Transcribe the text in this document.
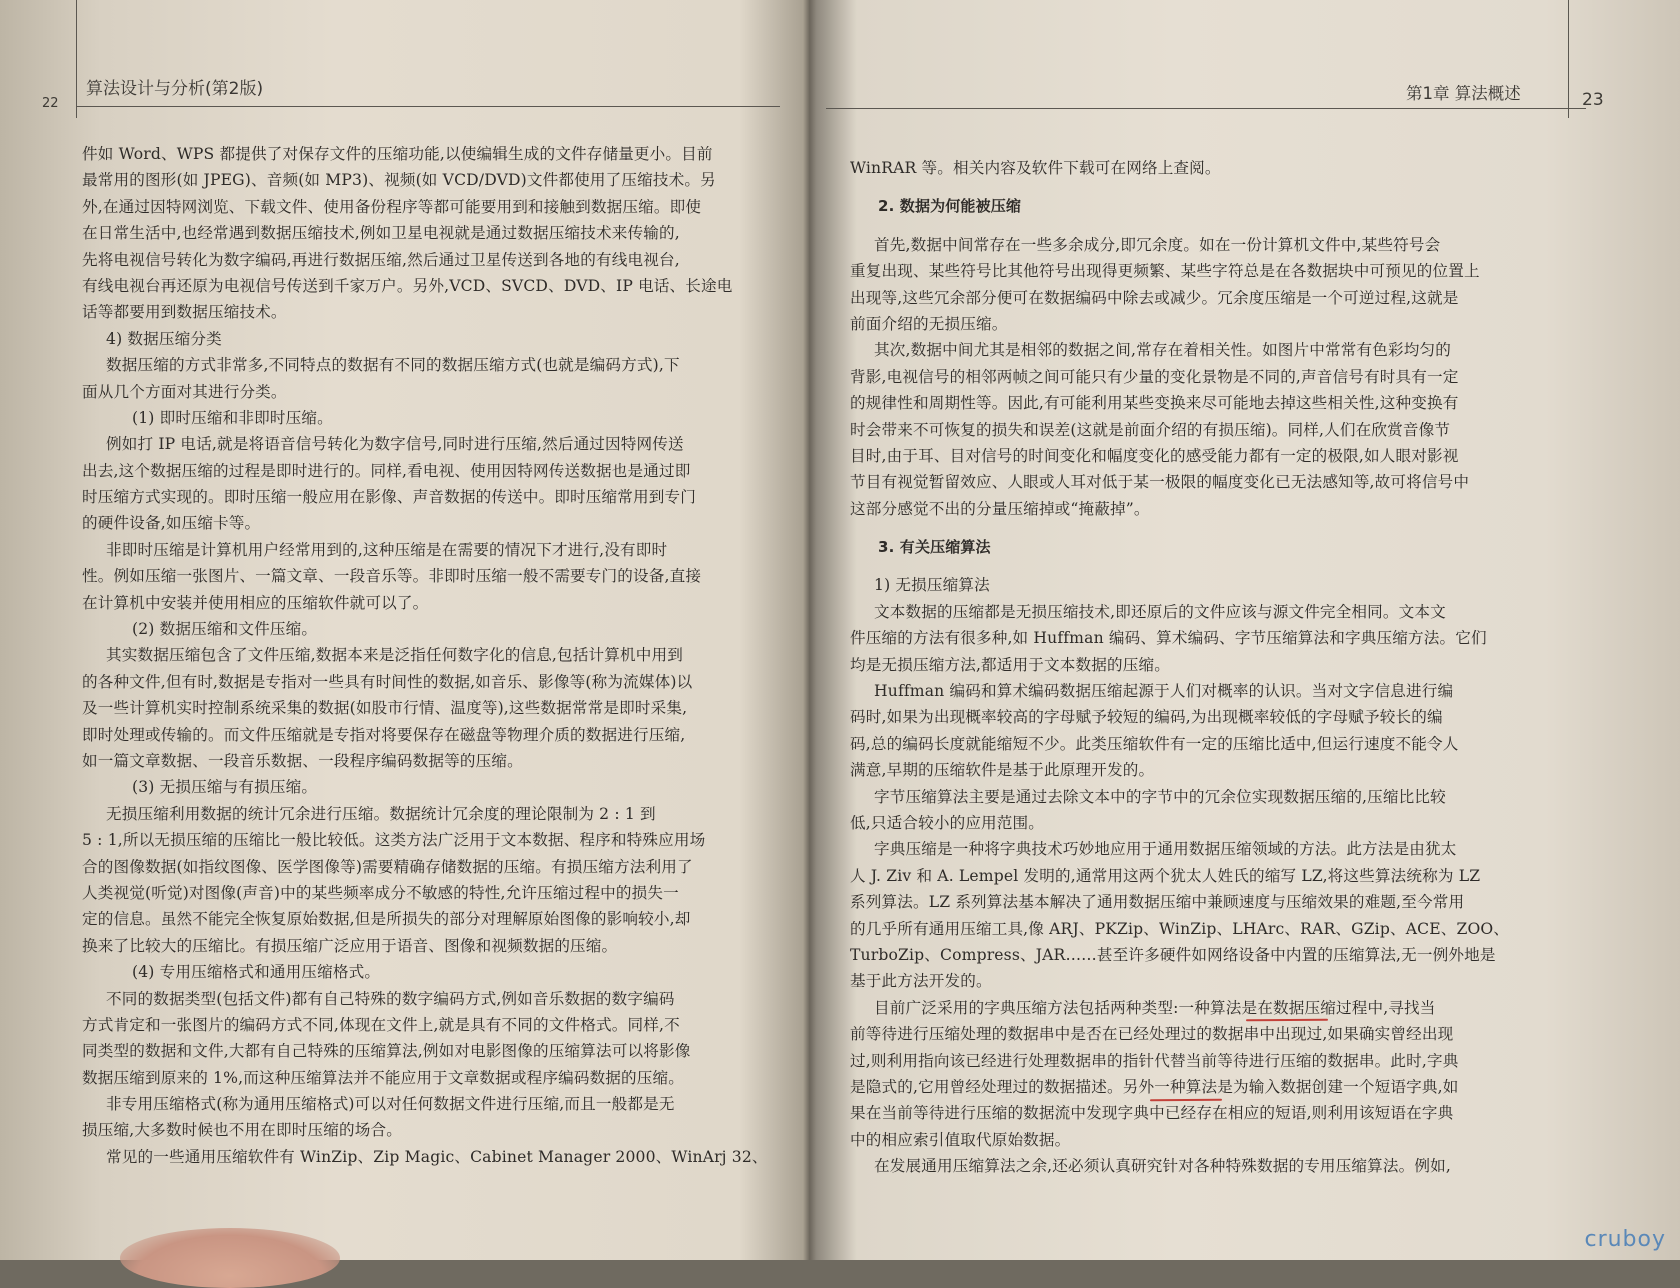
算法设计与分析(第2版)
22
件如 Word、WPS 都提供了对保存文件的压缩功能,以使编辑生成的文件存储量更小。目前
最常用的图形(如 JPEG)、音频(如 MP3)、视频(如 VCD/DVD)文件都使用了压缩技术。另
外,在通过因特网浏览、下载文件、使用备份程序等都可能要用到和接触到数据压缩。即使
在日常生活中,也经常遇到数据压缩技术,例如卫星电视就是通过数据压缩技术来传输的,
先将电视信号转化为数字编码,再进行数据压缩,然后通过卫星传送到各地的有线电视台,
有线电视台再还原为电视信号传送到千家万户。另外,VCD、SVCD、DVD、IP 电话、长途电
话等都要用到数据压缩技术。
4) 数据压缩分类
数据压缩的方式非常多,不同特点的数据有不同的数据压缩方式(也就是编码方式),下
面从几个方面对其进行分类。
(1) 即时压缩和非即时压缩。
例如打 IP 电话,就是将语音信号转化为数字信号,同时进行压缩,然后通过因特网传送
出去,这个数据压缩的过程是即时进行的。同样,看电视、使用因特网传送数据也是通过即
时压缩方式实现的。即时压缩一般应用在影像、声音数据的传送中。即时压缩常用到专门
的硬件设备,如压缩卡等。
非即时压缩是计算机用户经常用到的,这种压缩是在需要的情况下才进行,没有即时
性。例如压缩一张图片、一篇文章、一段音乐等。非即时压缩一般不需要专门的设备,直接
在计算机中安装并使用相应的压缩软件就可以了。
(2) 数据压缩和文件压缩。
其实数据压缩包含了文件压缩,数据本来是泛指任何数字化的信息,包括计算机中用到
的各种文件,但有时,数据是专指对一些具有时间性的数据,如音乐、影像等(称为流媒体)以
及一些计算机实时控制系统采集的数据(如股市行情、温度等),这些数据常常是即时采集,
即时处理或传输的。而文件压缩就是专指对将要保存在磁盘等物理介质的数据进行压缩,
如一篇文章数据、一段音乐数据、一段程序编码数据等的压缩。
(3) 无损压缩与有损压缩。
无损压缩利用数据的统计冗余进行压缩。数据统计冗余度的理论限制为 2 : 1 到
5 : 1,所以无损压缩的压缩比一般比较低。这类方法广泛用于文本数据、程序和特殊应用场
合的图像数据(如指纹图像、医学图像等)需要精确存储数据的压缩。有损压缩方法利用了
人类视觉(听觉)对图像(声音)中的某些频率成分不敏感的特性,允许压缩过程中的损失一
定的信息。虽然不能完全恢复原始数据,但是所损失的部分对理解原始图像的影响较小,却
换来了比较大的压缩比。有损压缩广泛应用于语音、图像和视频数据的压缩。
(4) 专用压缩格式和通用压缩格式。
不同的数据类型(包括文件)都有自己特殊的数字编码方式,例如音乐数据的数字编码
方式肯定和一张图片的编码方式不同,体现在文件上,就是具有不同的文件格式。同样,不
同类型的数据和文件,大都有自己特殊的压缩算法,例如对电影图像的压缩算法可以将影像
数据压缩到原来的 1%,而这种压缩算法并不能应用于文章数据或程序编码数据的压缩。
非专用压缩格式(称为通用压缩格式)可以对任何数据文件进行压缩,而且一般都是无
损压缩,大多数时候也不用在即时压缩的场合。
常见的一些通用压缩软件有 WinZip、Zip Magic、Cabinet Manager 2000、WinArj 32、
第1章 算法概述	23
WinRAR 等。相关内容及软件下载可在网络上查阅。
2. 数据为何能被压缩
首先,数据中间常存在一些多余成分,即冗余度。如在一份计算机文件中,某些符号会
重复出现、某些符号比其他符号出现得更频繁、某些字符总是在各数据块中可预见的位置上
出现等,这些冗余部分便可在数据编码中除去或减少。冗余度压缩是一个可逆过程,这就是
前面介绍的无损压缩。
其次,数据中间尤其是相邻的数据之间,常存在着相关性。如图片中常常有色彩均匀的
背影,电视信号的相邻两帧之间可能只有少量的变化景物是不同的,声音信号有时具有一定
的规律性和周期性等。因此,有可能利用某些变换来尽可能地去掉这些相关性,这种变换有
时会带来不可恢复的损失和误差(这就是前面介绍的有损压缩)。同样,人们在欣赏音像节
目时,由于耳、目对信号的时间变化和幅度变化的感受能力都有一定的极限,如人眼对影视
节目有视觉暂留效应、人眼或人耳对低于某一极限的幅度变化已无法感知等,故可将信号中
这部分感觉不出的分量压缩掉或“掩蔽掉”。
3. 有关压缩算法
1) 无损压缩算法
文本数据的压缩都是无损压缩技术,即还原后的文件应该与源文件完全相同。文本文
件压缩的方法有很多种,如 Huffman 编码、算术编码、字节压缩算法和字典压缩方法。它们
均是无损压缩方法,都适用于文本数据的压缩。
Huffman 编码和算术编码数据压缩起源于人们对概率的认识。当对文字信息进行编
码时,如果为出现概率较高的字母赋予较短的编码,为出现概率较低的字母赋予较长的编
码,总的编码长度就能缩短不少。此类压缩软件有一定的压缩比适中,但运行速度不能令人
满意,早期的压缩软件是基于此原理开发的。
字节压缩算法主要是通过去除文本中的字节中的冗余位实现数据压缩的,压缩比比较
低,只适合较小的应用范围。
字典压缩是一种将字典技术巧妙地应用于通用数据压缩领域的方法。此方法是由犹太
人 J. Ziv 和 A. Lempel 发明的,通常用这两个犹太人姓氏的缩写 LZ,将这些算法统称为 LZ
系列算法。LZ 系列算法基本解决了通用数据压缩中兼顾速度与压缩效果的难题,至今常用
的几乎所有通用压缩工具,像 ARJ、PKZip、WinZip、LHArc、RAR、GZip、ACE、ZOO、
TurboZip、Compress、JAR……甚至许多硬件如网络设备中内置的压缩算法,无一例外地是
基于此方法开发的。
目前广泛采用的字典压缩方法包括两种类型:一种算法是在数据压缩过程中,寻找当
前等待进行压缩处理的数据串中是否在已经处理过的数据串中出现过,如果确实曾经出现
过,则利用指向该已经进行处理数据串的指针代替当前等待进行压缩的数据串。此时,字典
是隐式的,它用曾经处理过的数据描述。另外一种算法是为输入数据创建一个短语字典,如
果在当前等待进行压缩的数据流中发现字典中已经存在相应的短语,则利用该短语在字典
中的相应索引值取代原始数据。
在发展通用压缩算法之余,还必须认真研究针对各种特殊数据的专用压缩算法。例如,
cruboy
